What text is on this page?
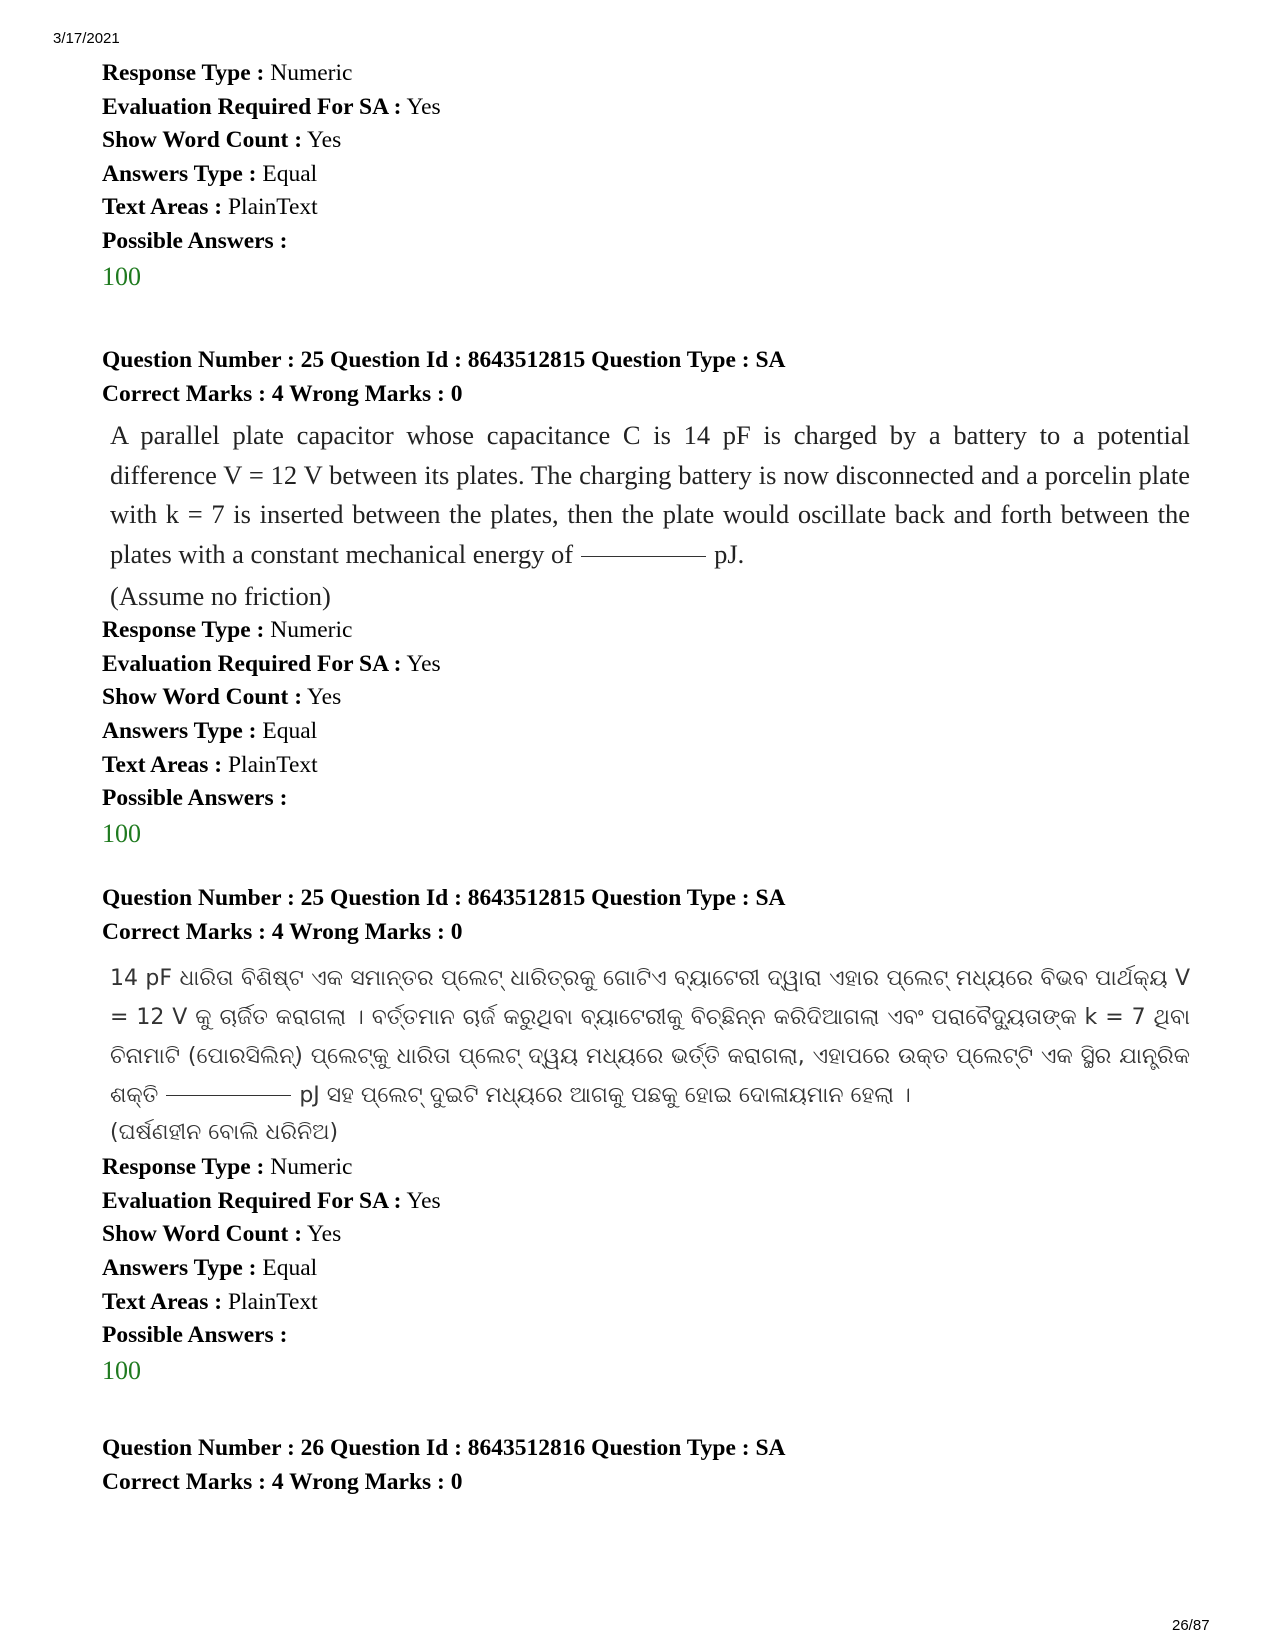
3/17/2021
Response Type : Numeric
Evaluation Required For SA : Yes
Show Word Count : Yes
Answers Type : Equal
Text Areas : PlainText
Possible Answers :
100
Question Number : 25 Question Id : 8643512815 Question Type : SA
Correct Marks : 4 Wrong Marks : 0
A parallel plate capacitor whose capacitance C is 14 pF is charged by a battery to a potential difference V = 12 V between its plates. The charging battery is now disconnected and a porcelin plate with k = 7 is inserted between the plates, then the plate would oscillate back and forth between the plates with a constant mechanical energy of	pJ.
(Assume no friction)
Response Type : Numeric
Evaluation Required For SA : Yes
Show Word Count : Yes
Answers Type : Equal
Text Areas : PlainText
Possible Answers :
100
Question Number : 25 Question Id : 8643512815 Question Type : SA
Correct Marks : 4 Wrong Marks : 0
14 pF ଧାରିତା ବିଶିଷ୍ଟ ଏକ ସମାନ୍ତର ପ୍ଲେଟ୍ ଧାରିତ୍ରକୁ ଗୋଟିଏ ବ୍ୟାଟେରୀ ଦ୍ୱାରା ଏହାର ପ୍ଲେଟ୍ ମଧ୍ୟରେ ବିଭବ ପାର୍ଥକ୍ୟ V = 12 V କୁ ଚାର୍ଜିତ କରାଗଲା । ବର୍ତ୍ତମାନ ଚାର୍ଜ କରୁଥିବା ବ୍ୟାଟେରୀକୁ ବିଚ୍ଛିନ୍ନ କରିଦିଆଗଲା ଏବଂ ପରାବୈଦ୍ୟୁତାଙ୍କ k = 7 ଥିବା ଚିନାମାଟି (ପୋରସିଲିନ୍) ପ୍ଲେଟ୍‌କୁ ଧାରିତା ପ୍ଲେଟ୍ ଦ୍ୱୟ ମଧ୍ୟରେ ଭର୍ତ୍ତି କରାଗଲା, ଏହାପରେ ଉକ୍ତ ପ୍ଲେଟ୍‌ଟି ଏକ ସ୍ଥିର ଯାନ୍ତ୍ରିକ ଶକ୍ତି	pJ ସହ ପ୍ଲେଟ୍ ଦୁଇଟି ମଧ୍ୟରେ ଆଗକୁ ପଛକୁ ହୋଇ ଦୋଳାୟମାନ ହେଲା ।
(ଘର୍ଷଣହୀନ ବୋଲି ଧରିନିଅ)
Response Type : Numeric
Evaluation Required For SA : Yes
Show Word Count : Yes
Answers Type : Equal
Text Areas : PlainText
Possible Answers :
100
Question Number : 26 Question Id : 8643512816 Question Type : SA
Correct Marks : 4 Wrong Marks : 0
26/87
